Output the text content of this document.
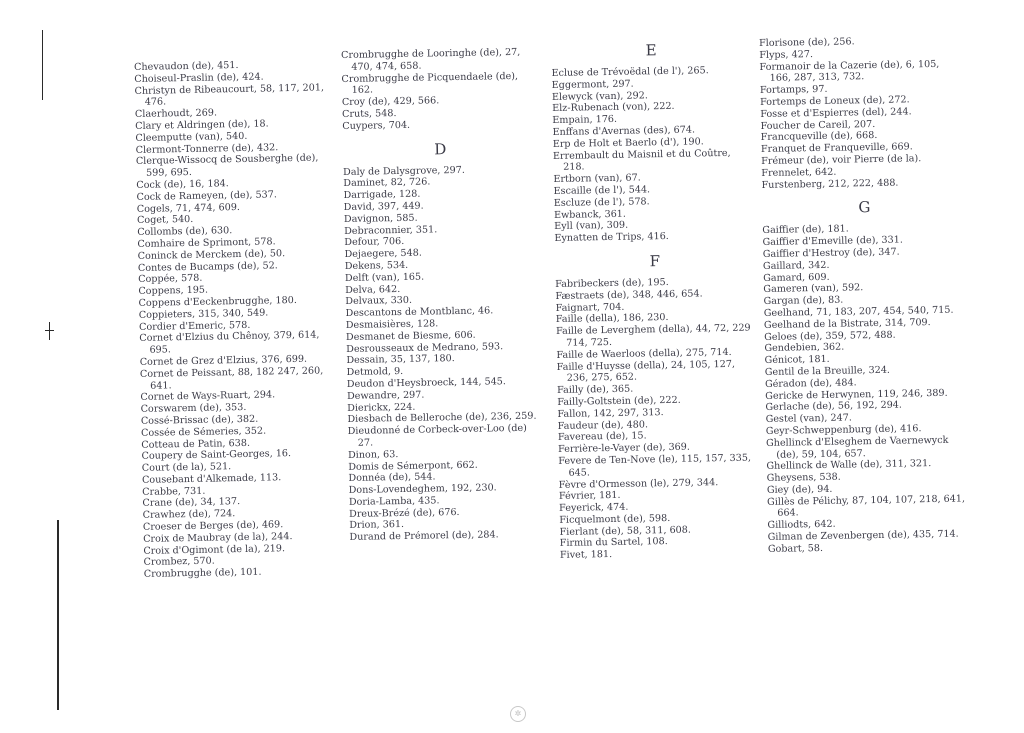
Chevaudon (de), 451.
Choiseul-Praslin (de), 424.
Christyn de Ribeaucourt, 58, 117, 201,
476.
Claerhoudt, 269.
Clary et Aldringen (de), 18.
Cleemputte (van), 540.
Clermont-Tonnerre (de), 432.
Clerque-Wissocq de Sousberghe (de),
599, 695.
Cock (de), 16, 184.
Cock de Rameyen, (de), 537.
Cogels, 71, 474, 609.
Coget, 540.
Collombs (de), 630.
Comhaire de Sprimont, 578.
Coninck de Merckem (de), 50.
Contes de Bucamps (de), 52.
Coppée, 578.
Coppens, 195.
Coppens d'Eeckenbrugghe, 180.
Coppieters, 315, 340, 549.
Cordier d'Emeric, 578.
Cornet d'Elzius du Chênoy, 379, 614,
695.
Cornet de Grez d'Elzius, 376, 699.
Cornet de Peissant, 88, 182 247, 260,
641.
Cornet de Ways-Ruart, 294.
Corswarem (de), 353.
Cossé-Brissac (de), 382.
Cossée de Sémeries, 352.
Cotteau de Patin, 638.
Coupery de Saint-Georges, 16.
Court (de la), 521.
Cousebant d'Alkemade, 113.
Crabbe, 731.
Crane (de), 34, 137.
Crawhez (de), 724.
Croeser de Berges (de), 469.
Croix de Maubray (de la), 244.
Croix d'Ogimont (de la), 219.
Crombez, 570.
Crombrugghe (de), 101.
Crombrugghe de Looringhe (de), 27,
470, 474, 658.
Crombrugghe de Picquendaele (de),
162.
Croy (de), 429, 566.
Cruts, 548.
Cuypers, 704.
D
Daly de Dalysgrove, 297.
Daminet, 82, 726.
Darrigade, 128.
David, 397, 449.
Davignon, 585.
Debraconnier, 351.
Defour, 706.
Dejaegere, 548.
Dekens, 534.
Delft (van), 165.
Delva, 642.
Delvaux, 330.
Descantons de Montblanc, 46.
Desmaisières, 128.
Desmanet de Biesme, 606.
Desrousseaux de Medrano, 593.
Dessain, 35, 137, 180.
Detmold, 9.
Deudon d'Heysbroeck, 144, 545.
Dewandre, 297.
Dierickx, 224.
Diesbach de Belleroche (de), 236, 259.
Dieudonné de Corbeck-over-Loo (de)
27.
Dinon, 63.
Domis de Sémerpont, 662.
Donnéa (de), 544.
Dons-Lovendeghem, 192, 230.
Doria-Lamba, 435.
Dreux-Brézé (de), 676.
Drion, 361.
Durand de Prémorel (de), 284.
E
Ecluse de Trévoëdal (de l'), 265.
Eggermont, 297.
Elewyck (van), 292.
Elz-Rubenach (von), 222.
Empain, 176.
Enffans d'Avernas (des), 674.
Erp de Holt et Baerlo (d'), 190.
Errembault du Maisnil et du Coûtre,
218.
Ertborn (van), 67.
Escaille (de l'), 544.
Escluze (de l'), 578.
Ewbanck, 361.
Eyll (van), 309.
Eynatten de Trips, 416.
F
Fabribeckers (de), 195.
Fæstraets (de), 348, 446, 654.
Faignart, 704.
Faille (della), 186, 230.
Faille de Leverghem (della), 44, 72, 229
714, 725.
Faille de Waerloos (della), 275, 714.
Faille d'Huysse (della), 24, 105, 127,
236, 275, 652.
Failly (de), 365.
Failly-Goltstein (de), 222.
Fallon, 142, 297, 313.
Faudeur (de), 480.
Favereau (de), 15.
Ferrière-le-Vayer (de), 369.
Fevere de Ten-Nove (le), 115, 157, 335,
645.
Fèvre d'Ormesson (le), 279, 344.
Février, 181.
Feyerick, 474.
Ficquelmont (de), 598.
Fierlant (de), 58, 311, 608.
Firmin du Sartel, 108.
Fivet, 181.
Florisone (de), 256.
Flyps, 427.
Formanoir de la Cazerie (de), 6, 105,
166, 287, 313, 732.
Fortamps, 97.
Fortemps de Loneux (de), 272.
Fosse et d'Espierres (del), 244.
Foucher de Careil, 207.
Francqueville (de), 668.
Franquet de Franqueville, 669.
Frémeur (de), voir Pierre (de la).
Frennelet, 642.
Furstenberg, 212, 222, 488.
G
Gaiffier (de), 181.
Gaiffier d'Emeville (de), 331.
Gaiffier d'Hestroy (de), 347.
Gaillard, 342.
Gamard, 609.
Gameren (van), 592.
Gargan (de), 83.
Geelhand, 71, 183, 207, 454, 540, 715.
Geelhand de la Bistrate, 314, 709.
Geloes (de), 359, 572, 488.
Gendebien, 362.
Génicot, 181.
Gentil de la Breuille, 324.
Géradon (de), 484.
Gericke de Herwynen, 119, 246, 389.
Gerlache (de), 56, 192, 294.
Gestel (van), 247.
Geyr-Schweppenburg (de), 416.
Ghellinck d'Elseghem de Vaernewyck
(de), 59, 104, 657.
Ghellinck de Walle (de), 311, 321.
Gheysens, 538.
Giey (de), 94.
Gillès de Pélichy, 87, 104, 107, 218, 641,
664.
Gilliodts, 642.
Gilman de Zevenbergen (de), 435, 714.
Gobart, 58.
✲
